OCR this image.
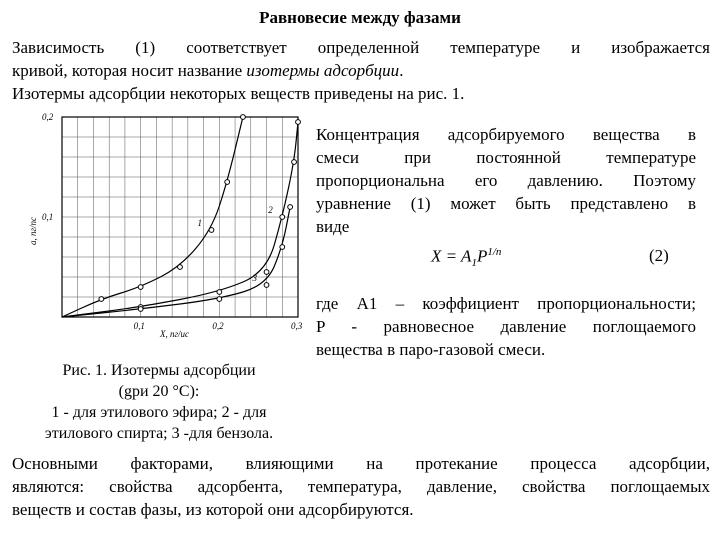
Равновесие между фазами
Зависимость (1) соответствует определенной температуре и изображается
кривой, которая носит название изотермы адсорбции.
Изотермы адсорбции некоторых веществ приведены на рис. 1.
1
2
3
0,1	0,2	0,3
0,1
0,2
X, пг/ис
a, пг/пс
Концентрация адсорбируемого вещества в
смеси при постоянной температуре
пропорциональна его давлению. Поэтому
уравнение (1) может быть представлено в
виде
$X = A_1P^{1/n}$	(2)
где A1 – коэффициент пропорциональности;
P - равновесное давление поглощаемого
вещества в паро-газовой смеси.
Рис. 1. Изотермы адсорбции
(gри 20 °C):
1 - для этилового эфира; 2 - для
этилового спирта; 3 -для бензола.
Основными факторами, влияющими на протекание процесса адсорбции,
являются: свойства адсорбента, температура, давление, свойства поглощаемых
веществ и состав фазы, из которой они адсорбируются.
